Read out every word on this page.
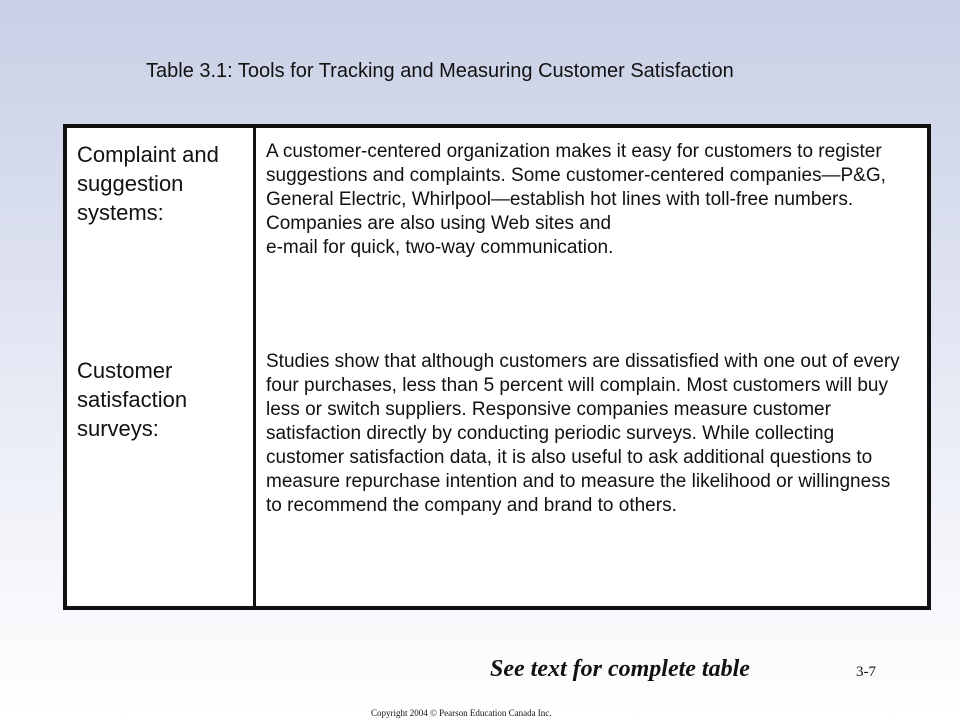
Table 3.1: Tools for Tracking and Measuring Customer Satisfaction
Complaint and suggestion systems:
Customer satisfaction surveys:
A customer-centered organization makes it easy for customers to register suggestions and complaints. Some customer-centered companies—P&G, General Electric, Whirlpool—establish hot lines with toll-free numbers. Companies are also using Web sites and
e-mail for quick, two-way communication.
Studies show that although customers are dissatisfied with one out of every four purchases, less than 5 percent will complain. Most customers will buy less or switch suppliers. Responsive companies measure customer satisfaction directly by conducting periodic surveys. While collecting customer satisfaction data, it is also useful to ask additional questions to measure repurchase intention and to measure the likelihood or willingness to recommend the company and brand to others.
See text for complete table	3-7
Copyright 2004 © Pearson Education Canada Inc.
